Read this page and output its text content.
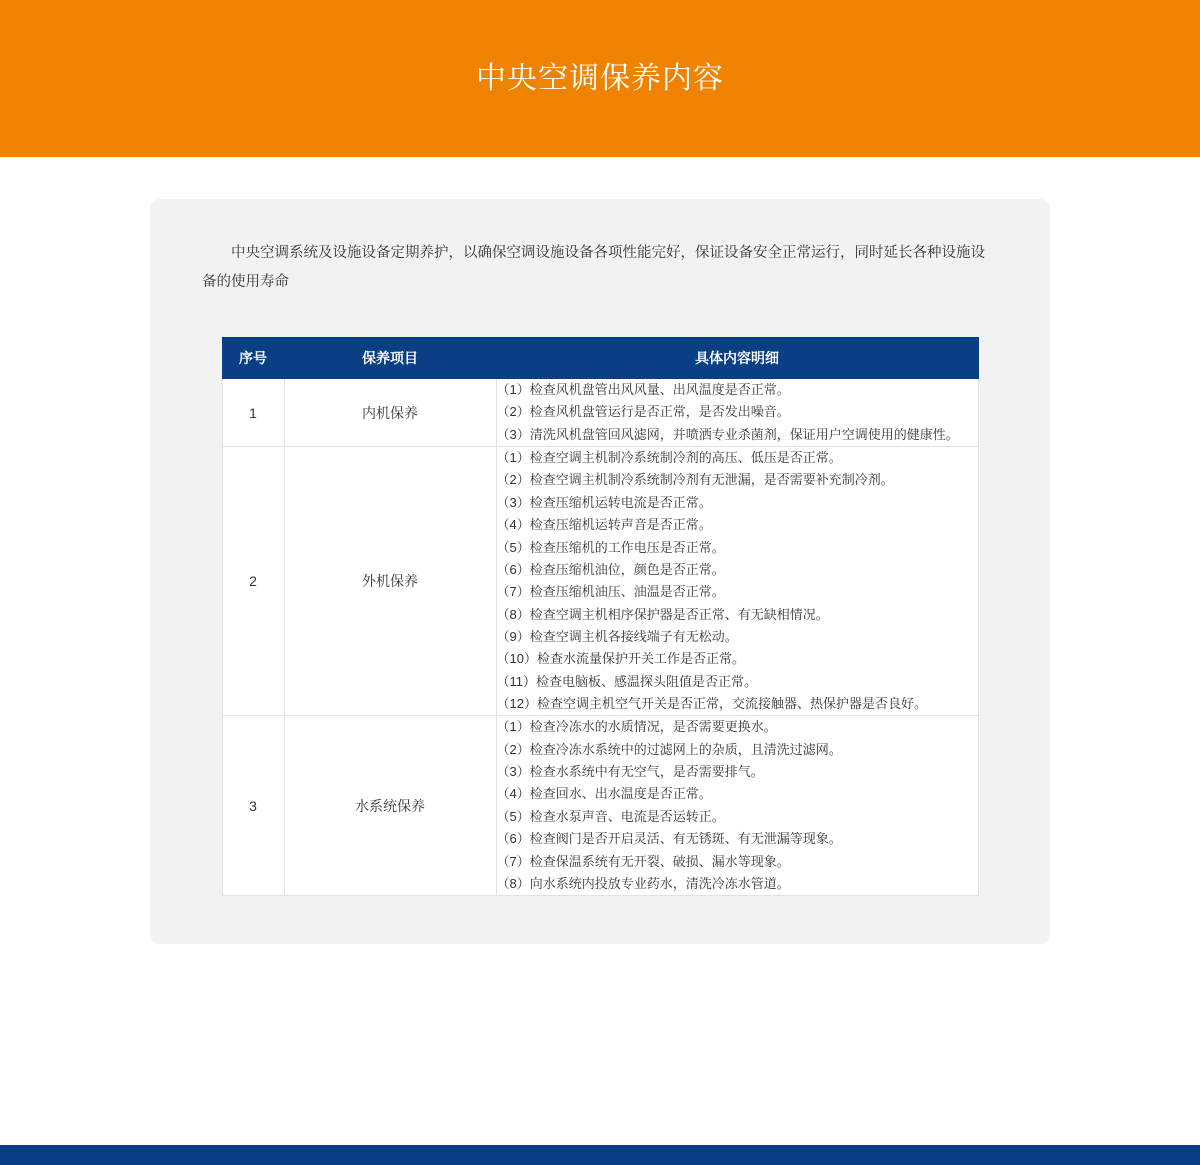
中央空调保养内容

中央空调系统及设施设备定期养护，以确保空调设施设备各项性能完好，保证设备安全正常运行，同时延长各种设施设备的使用寿命

序号	保养项目	具体内容明细
1	内机保养	
（1）检查风机盘管出风风量、出风温度是否正常。
（2）检查风机盘管运行是否正常，是否发出噪音。
（3）清洗风机盘管回风滤网，并喷洒专业杀菌剂，保证用户空调使用的健康性。

2	外机保养	
（1）检查空调主机制冷系统制冷剂的高压、低压是否正常。
（2）检查空调主机制冷系统制冷剂有无泄漏，是否需要补充制冷剂。
（3）检查压缩机运转电流是否正常。
（4）检查压缩机运转声音是否正常。
（5）检查压缩机的工作电压是否正常。
（6）检查压缩机油位，颜色是否正常。
（7）检查压缩机油压、油温是否正常。
（8）检查空调主机相序保护器是否正常、有无缺相情况。
（9）检查空调主机各接线端子有无松动。
（10）检查水流量保护开关工作是否正常。
（11）检查电脑板、感温探头阻值是否正常。
（12）检查空调主机空气开关是否正常，交流接触器、热保护器是否良好。

3	水系统保养	
（1）检查冷冻水的水质情况，是否需要更换水。
（2）检查冷冻水系统中的过滤网上的杂质，且清洗过滤网。
（3）检查水系统中有无空气，是否需要排气。
（4）检查回水、出水温度是否正常。
（5）检查水泵声音、电流是否运转正。
（6）检查阀门是否开启灵活、有无锈斑、有无泄漏等现象。
（7）检查保温系统有无开裂、破损、漏水等现象。
（8）向水系统内投放专业药水，清洗冷冻水管道。
